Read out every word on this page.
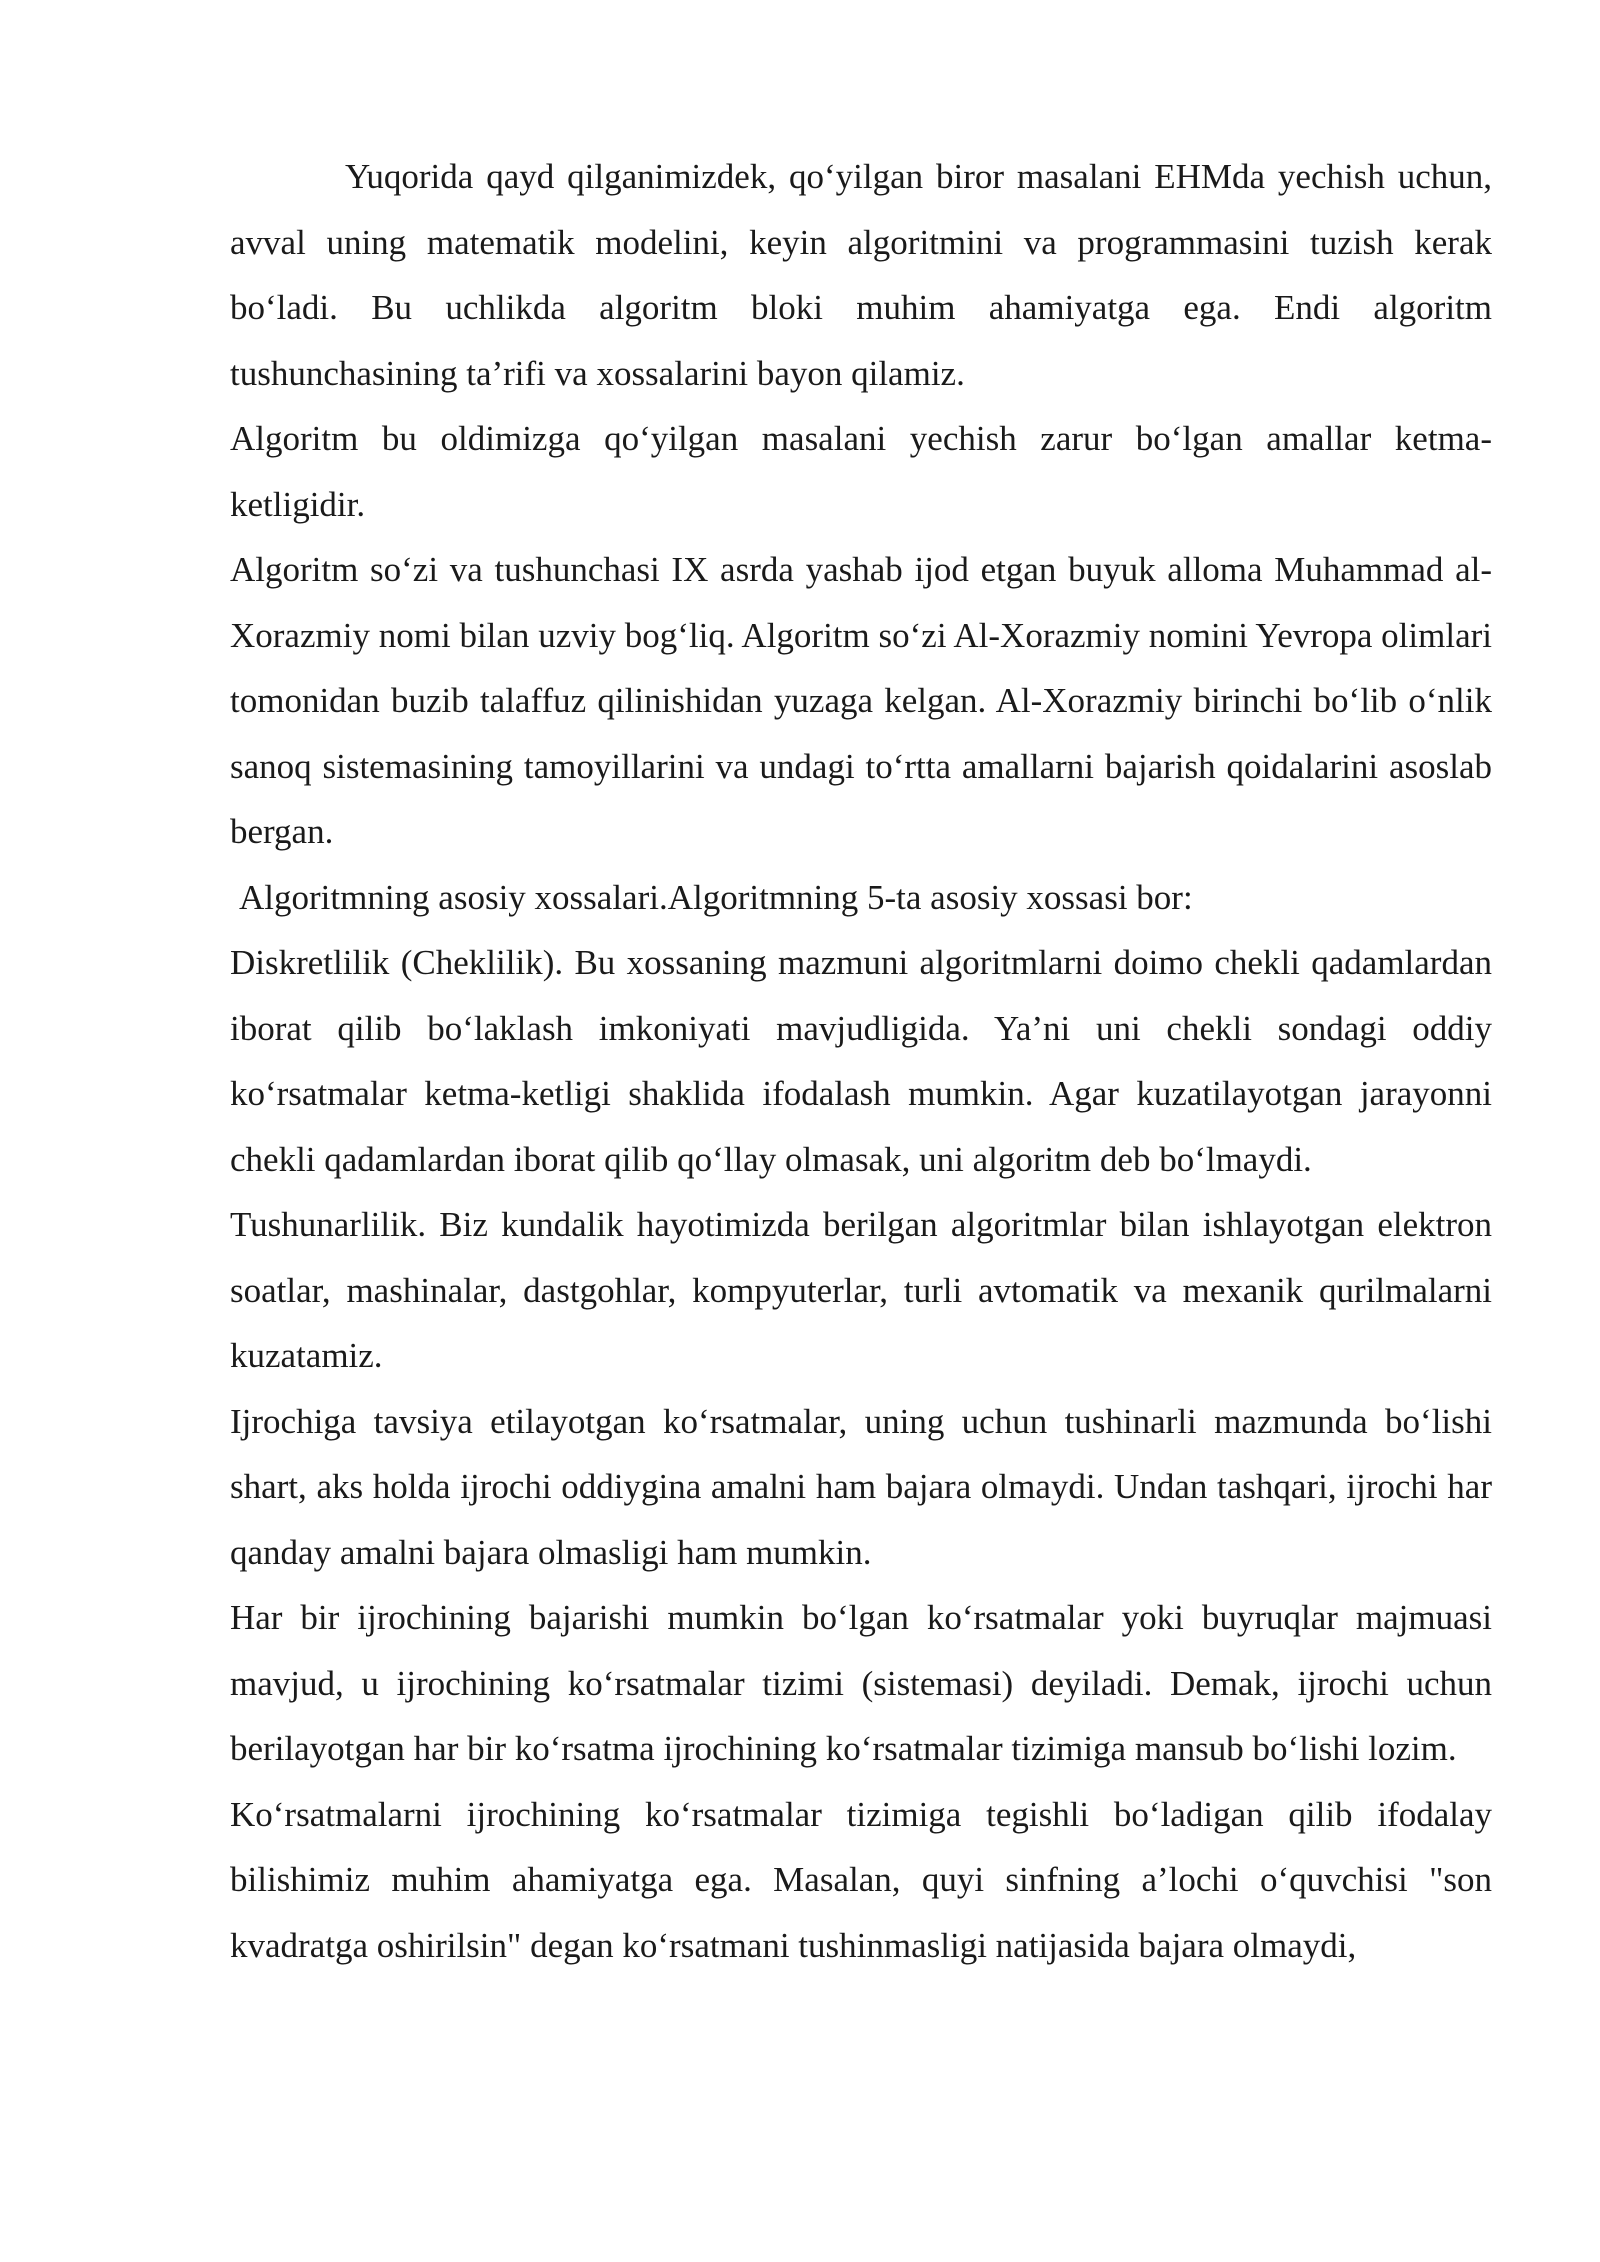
Yuqorida qayd qilganimizdek, qo‘yilgan biror masalani EHMda yechish uchun, avval uning matematik modelini, keyin algoritmini va programmasini tuzish kerak bo‘ladi. Bu uchlikda algoritm bloki muhim ahamiyatga ega. Endi algoritm tushunchasining ta’rifi va xossalarini bayon qilamiz.

Algoritm bu oldimizga qo‘yilgan masalani yechish zarur bo‘lgan amallar ketma-ketligidir.

Algoritm so‘zi va tushunchasi IX asrda yashab ijod etgan buyuk alloma Muhammad al-Xorazmiy nomi bilan uzviy bog‘liq. Algoritm so‘zi Al-Xorazmiy nomini Yevropa olimlari tomonidan buzib talaffuz qilinishidan yuzaga kelgan. Al-Xorazmiy birinchi bo‘lib o‘nlik sanoq sistemasining tamoyillarini va undagi to‘rtta amallarni bajarish qoidalarini asoslab bergan.

Algoritmning asosiy xossalari.Algoritmning 5-ta asosiy xossasi bor:

Diskretlilik (Cheklilik). Bu xossaning mazmuni algoritmlarni doimo chekli qadamlardan iborat qilib bo‘laklash imkoniyati mavjudligida. Ya’ni uni chekli sondagi oddiy ko‘rsatmalar ketma-ketligi shaklida ifodalash mumkin. Agar kuzatilayotgan jarayonni chekli qadamlardan iborat qilib qo‘llay olmasak, uni algoritm deb bo‘lmaydi.

Tushunarlilik. Biz kundalik hayotimizda berilgan algoritmlar bilan ishlayotgan elektron soatlar, mashinalar, dastgohlar, kompyuterlar, turli avtomatik va mexanik qurilmalarni kuzatamiz.

Ijrochiga tavsiya etilayotgan ko‘rsatmalar, uning uchun tushinarli mazmunda bo‘lishi shart, aks holda ijrochi oddiygina amalni ham bajara olmaydi. Undan tashqari, ijrochi har qanday amalni bajara olmasligi ham mumkin.

Har bir ijrochining bajarishi mumkin bo‘lgan ko‘rsatmalar yoki buyruqlar majmuasi mavjud, u ijrochining ko‘rsatmalar tizimi (sistemasi) deyiladi. Demak, ijrochi uchun berilayotgan har bir ko‘rsatma ijrochining ko‘rsatmalar tizimiga mansub bo‘lishi lozim.

Ko‘rsatmalarni ijrochining ko‘rsatmalar tizimiga tegishli bo‘ladigan qilib ifodalay bilishimiz muhim ahamiyatga ega. Masalan, quyi sinfning a’lochi o‘quvchisi "son kvadratga oshirilsin" degan ko‘rsatmani tushinmasligi natijasida bajara olmaydi,
